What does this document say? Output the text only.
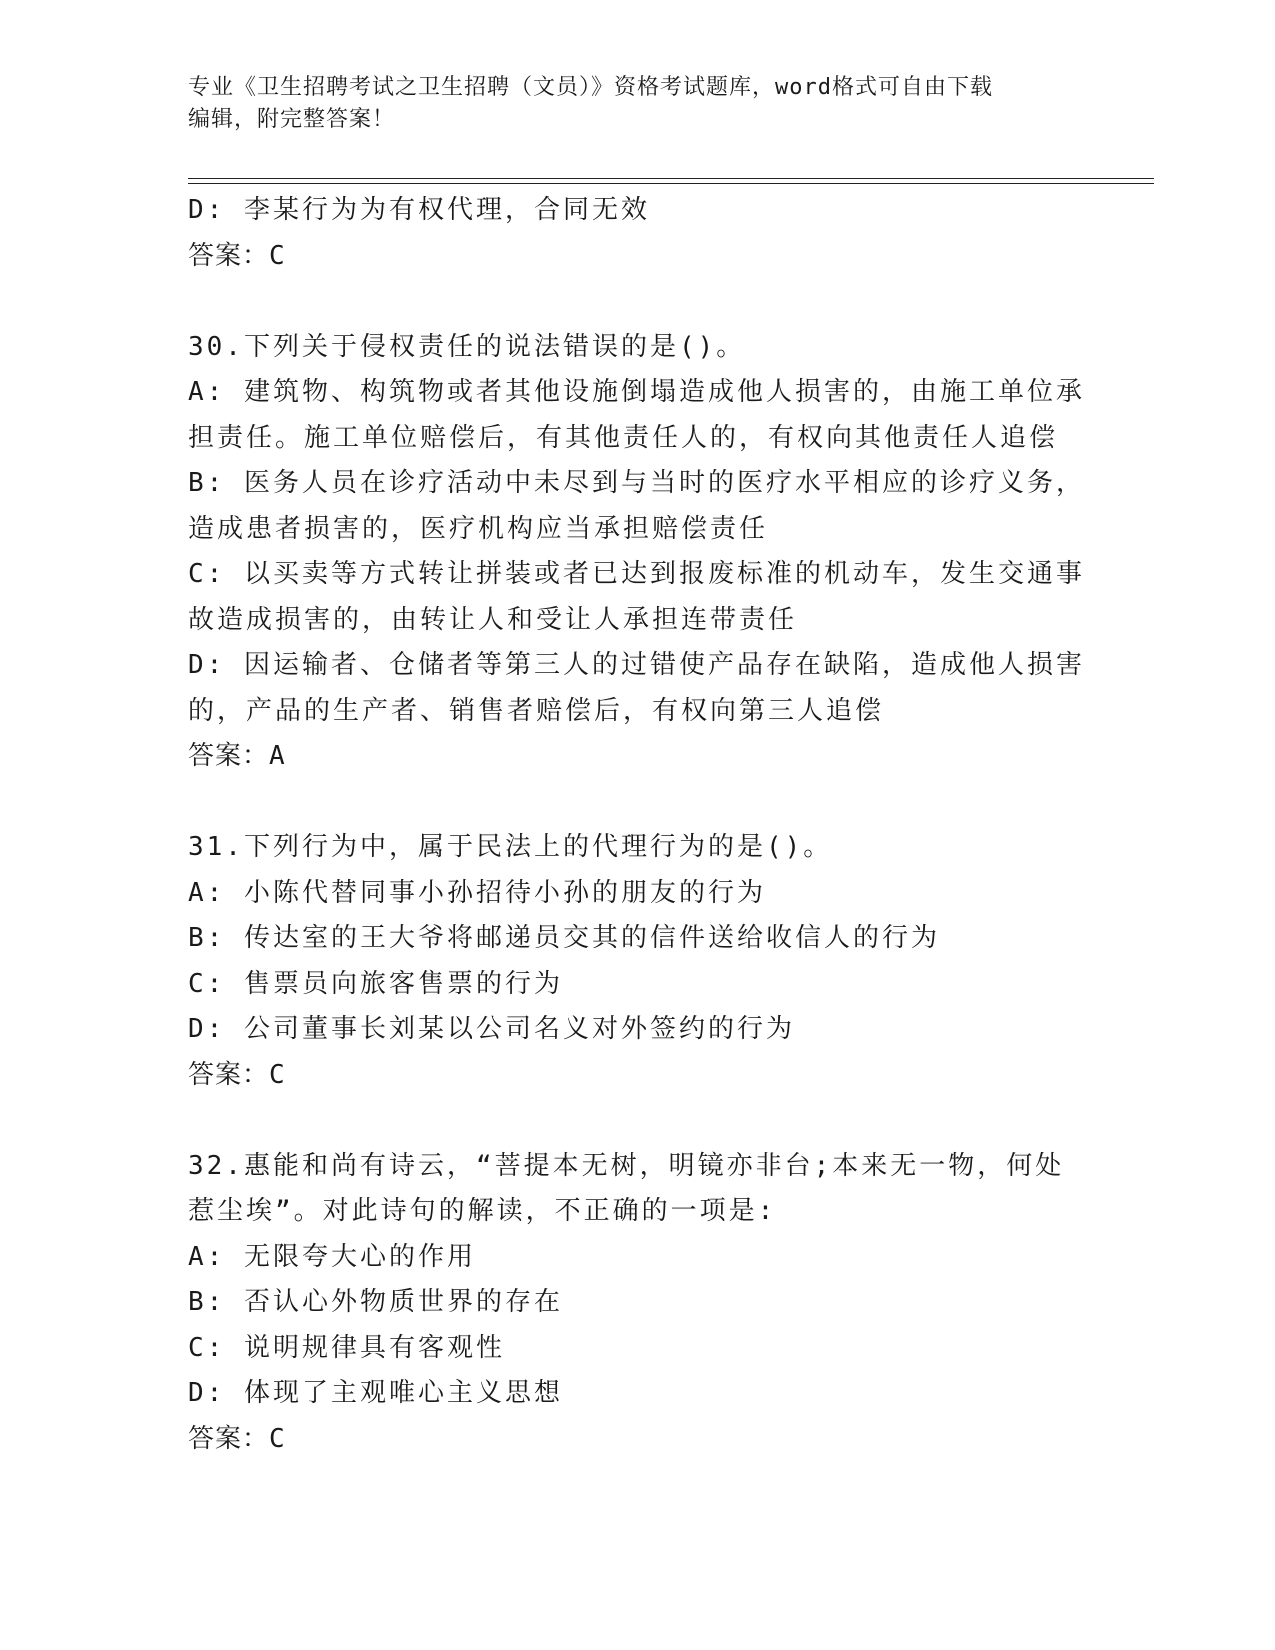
专业《卫生招聘考试之卫生招聘（文员）》资格考试题库，word格式可自由下载
编辑，附完整答案！
D: 李某行为为有权代理，合同无效
答案：C
30.下列关于侵权责任的说法错误的是()。
A: 建筑物、构筑物或者其他设施倒塌造成他人损害的，由施工单位承
担责任。施工单位赔偿后，有其他责任人的，有权向其他责任人追偿
B: 医务人员在诊疗活动中未尽到与当时的医疗水平相应的诊疗义务，
造成患者损害的，医疗机构应当承担赔偿责任
C: 以买卖等方式转让拼装或者已达到报废标准的机动车，发生交通事
故造成损害的，由转让人和受让人承担连带责任
D: 因运输者、仓储者等第三人的过错使产品存在缺陷，造成他人损害
的，产品的生产者、销售者赔偿后，有权向第三人追偿
答案：A
31.下列行为中，属于民法上的代理行为的是()。
A: 小陈代替同事小孙招待小孙的朋友的行为
B: 传达室的王大爷将邮递员交其的信件送给收信人的行为
C: 售票员向旅客售票的行为
D: 公司董事长刘某以公司名义对外签约的行为
答案：C
32.惠能和尚有诗云，“菩提本无树，明镜亦非台;本来无一物，何处
惹尘埃”。对此诗句的解读，不正确的一项是:
A: 无限夸大心的作用
B: 否认心外物质世界的存在
C: 说明规律具有客观性
D: 体现了主观唯心主义思想
答案：C
